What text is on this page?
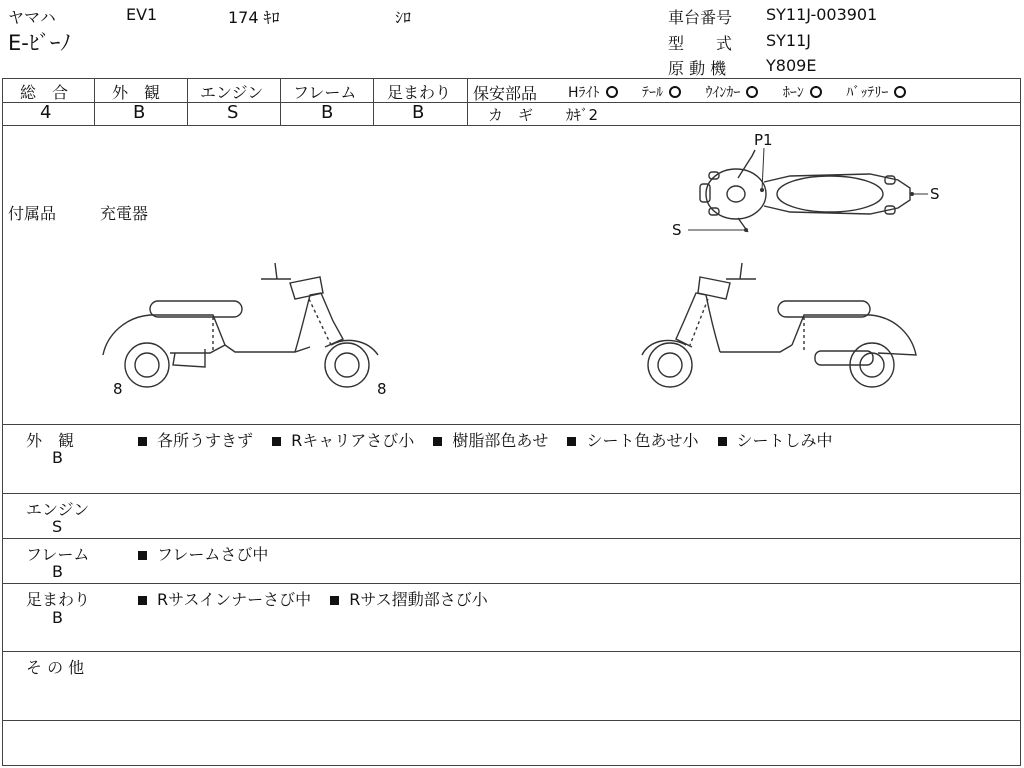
ヤマハ	EV1	174 ｷﾛ	ｼﾛ
E-ﾋﾞｰﾉ
車台番号 SY11J-003901
型　　式 SY11J
原 動 機 Y809E
総　合
4
外　観
B
エンジン
S
フレーム
B
足まわり
B
保安部品 Hﾗｲﾄ	ﾃｰﾙ	ｳｲﾝｶｰ	ﾎｰﾝ	ﾊﾞｯﾃﾘｰ
カ　ギ ｶｷﾞ2
付属品	充電器
P1
S
S
8	8
外　観
B
各所うすきず Rキャリアさび小 樹脂部色あせ シート色あせ小 シートしみ中
エンジン
S
フレーム
B
フレームさび中
足まわり
B
Rサスインナーさび中 Rサス摺動部さび小
そ の 他
